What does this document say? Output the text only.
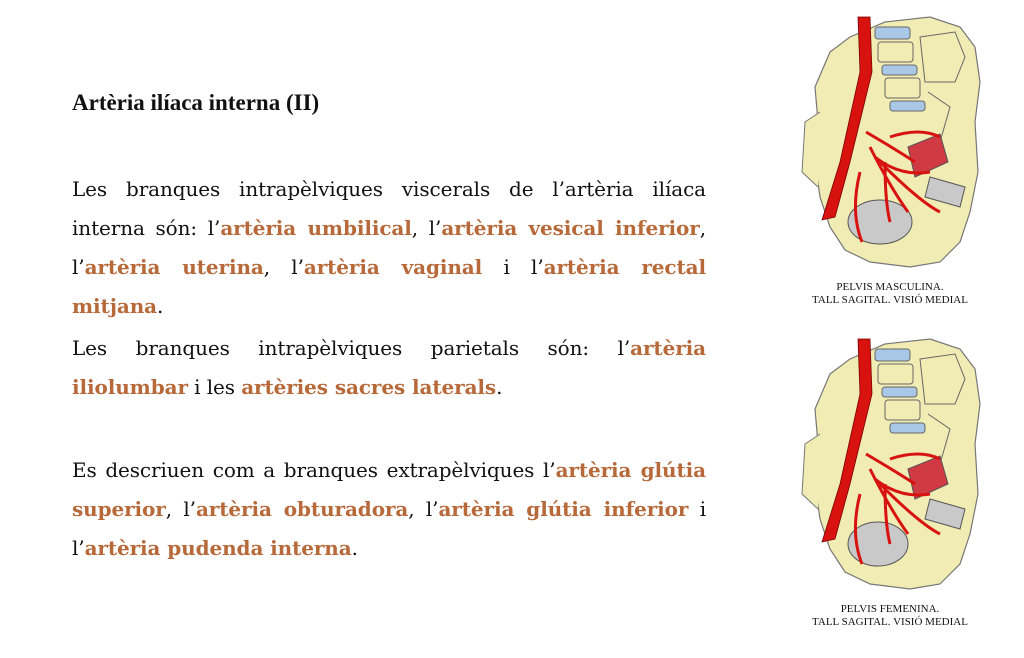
Artèria ilíaca interna (II)

Les branques intrapèlviques viscerals de l’artèria ilíaca interna són: l’artèria umbilical, l’artèria vesical inferior, l’artèria uterina, l’artèria vaginal i l’artèria rectal mitjana.

Les branques intrapèlviques parietals són: l’artèria iliolumbar i les artèries sacres laterals.

Es descriuen com a branques extrapèlviques l’artèria glútia superior, l’artèria obturadora, l’artèria glútia inferior i l’artèria pudenda interna.

PELVIS MASCULINA.
TALL SAGITAL. VISIÓ MEDIAL
PELVIS FEMENINA.
TALL SAGITAL. VISIÓ MEDIAL
